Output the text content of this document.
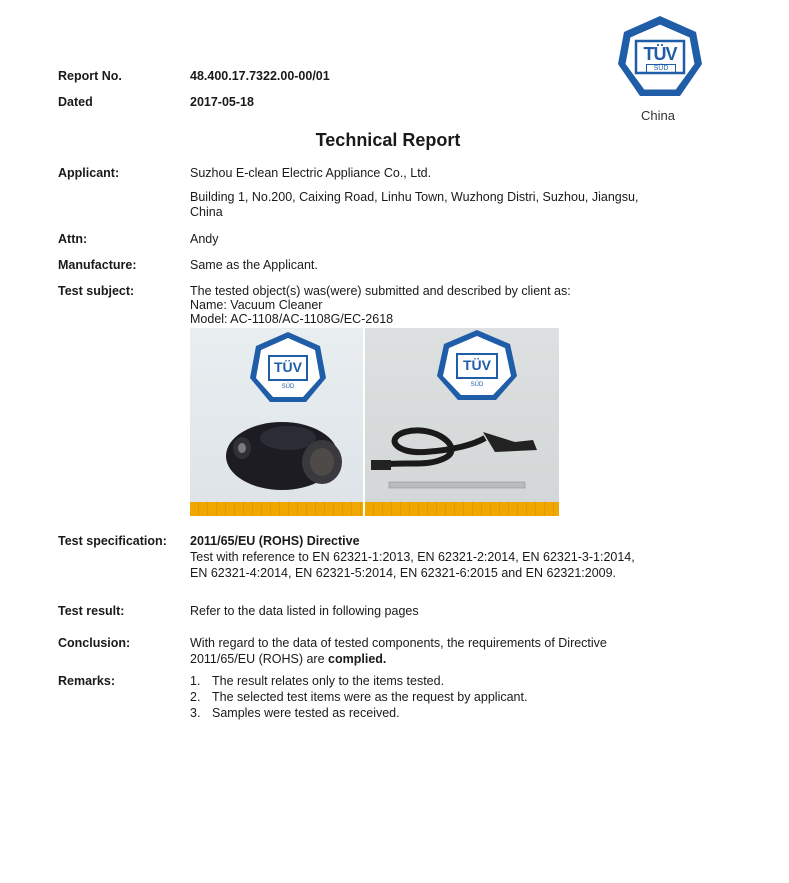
TÜV
SÜD
China
Report No.	48.400.17.7322.00-00/01
Dated	2017-05-18
Technical Report
Applicant:	Suzhou E-clean Electric Appliance Co., Ltd.
Building 1, No.200, Caixing Road, Linhu Town, Wuzhong Distri, Suzhou, Jiangsu,
China
Attn:	Andy
Manufacture:	Same as the Applicant.
Test subject:	The tested object(s) was(were) submitted and described by client as:
Name: Vacuum Cleaner
Model: AC-1108/AC-1108G/EC-2618
TÜV
SÜD
TÜV
SÜD
Test specification: 2011/65/EU (ROHS) Directive
Test with reference to EN 62321-1:2013, EN 62321-2:2014, EN 62321-3-1:2014,
EN 62321-4:2014, EN 62321-5:2014, EN 62321-6:2015 and EN 62321:2009.
Test result:	Refer to the data listed in following pages
Conclusion:	With regard to the data of tested components, the requirements of Directive
2011/65/EU (ROHS) are complied.
Remarks:	1. The result relates only to the items tested.
2. The selected test items were as the request by applicant.
3. Samples were tested as received.
